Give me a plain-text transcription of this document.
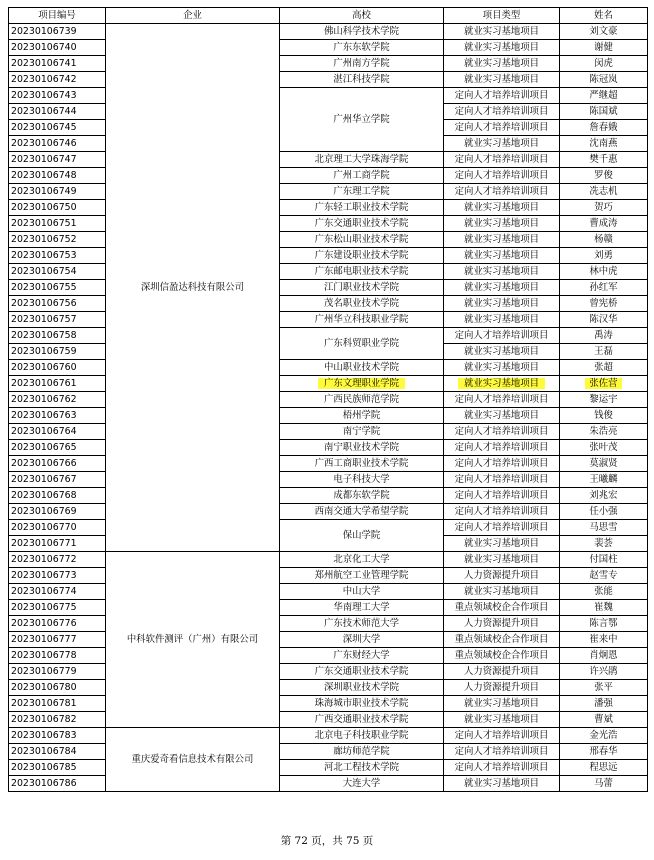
项目编号	企业	高校	项目类型	姓名
20230106739	深圳信盈达科技有限公司	佛山科学技术学院	就业实习基地项目	刘文豪
20230106740		广东东软学院	就业实习基地项目	谢健
20230106741		广州南方学院	就业实习基地项目	闵虎
20230106742		湛江科技学院	就业实习基地项目	陈冠岚
20230106743		广州华立学院	定向人才培养培训项目	严继超
20230106744			定向人才培养培训项目	陈国斌
20230106745			定向人才培养培训项目	詹春娥
20230106746			就业实习基地项目	沈南燕
20230106747		北京理工大学珠海学院	定向人才培养培训项目	樊千惠
20230106748		广州工商学院	定向人才培养培训项目	罗俊
20230106749		广东理工学院	定向人才培养培训项目	冼志机
20230106750		广东轻工职业技术学院	就业实习基地项目	贺巧
20230106751		广东交通职业技术学院	就业实习基地项目	曹成涛
20230106752		广东松山职业技术学院	就业实习基地项目	杨赣
20230106753		广东建设职业技术学院	就业实习基地项目	刘勇
20230106754		广东邮电职业技术学院	就业实习基地项目	林中虎
20230106755		江门职业技术学院	就业实习基地项目	孙红军
20230106756		茂名职业技术学院	就业实习基地项目	曾宪桥
20230106757		广州华立科技职业学院	就业实习基地项目	陈汉华
20230106758		广东科贸职业学院	定向人才培养培训项目	禹涛
20230106759			就业实习基地项目	王磊
20230106760		中山职业技术学院	就业实习基地项目	张超
20230106761		广东文理职业学院	就业实习基地项目	张佐营
20230106762		广西民族师范学院	定向人才培养培训项目	黎运宇
20230106763		梧州学院	就业实习基地项目	钱俊
20230106764		南宁学院	定向人才培养培训项目	朱浩亮
20230106765		南宁职业技术学院	定向人才培养培训项目	张叶茂
20230106766		广西工商职业技术学院	定向人才培养培训项目	莫淑贤
20230106767		电子科技大学	定向人才培养培训项目	王曦麟
20230106768		成都东软学院	定向人才培养培训项目	刘兆宏
20230106769		西南交通大学希望学院	定向人才培养培训项目	任小强
20230106770		保山学院	定向人才培养培训项目	马思雪
20230106771			就业实习基地项目	裴荟
20230106772	中科软件测评（广州）有限公司	北京化工大学	就业实习基地项目	付国柱
20230106773		郑州航空工业管理学院	人力资源提升项目	赵雪专
20230106774		中山大学	就业实习基地项目	张能
20230106775		华南理工大学	重点领域校企合作项目	崔魏
20230106776		广东技术师范大学	人力资源提升项目	陈言鄂
20230106777		深圳大学	重点领域校企合作项目	崔来中
20230106778		广东财经大学	重点领域校企合作项目	肖炯恩
20230106779		广东交通职业技术学院	人力资源提升项目	许兴鹃
20230106780		深圳职业技术学院	人力资源提升项目	张平
20230106781		珠海城市职业技术学院	就业实习基地项目	潘强
20230106782		广西交通职业技术学院	就业实习基地项目	曹斌
20230106783	重庆爱奇看信息技术有限公司	北京电子科技职业学院	定向人才培养培训项目	金光浩
20230106784		廊坊师范学院	定向人才培养培训项目	邢春华
20230106785		河北工程技术学院	定向人才培养培训项目	程思远
20230106786		大连大学	就业实习基地项目	马蕾
第 72 页，共 75 页
